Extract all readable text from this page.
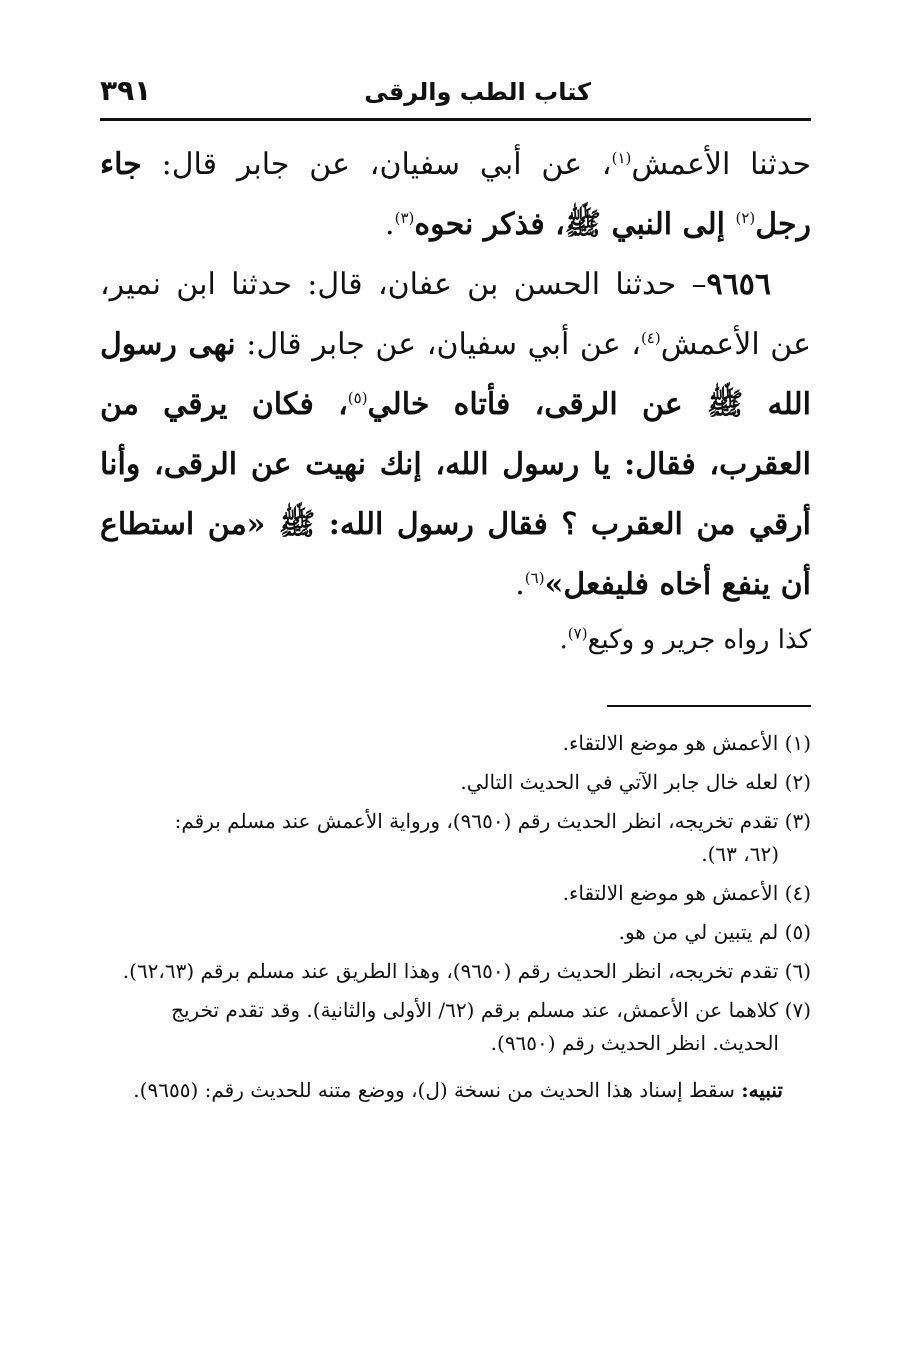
كتاب الطب والرقى
٣٩١

حدثنا الأعمش$^{(١)}$، عن أبي سفيان، عن جابر قال: جاء رجل$^{(٢)}$ إلى النبي ﷺ، فذكر نحوه$^{(٣)}$.

٩٦٥٦– حدثنا الحسن بن عفان، قال: حدثنا ابن نمير، عن الأعمش$^{(٤)}$، عن أبي سفيان، عن جابر قال: نهى رسول الله ﷺ عن الرقى، فأتاه خالي$^{(٥)}$، فكان يرقي من العقرب، فقال: يا رسول الله، إنك نهيت عن الرقى، وأنا أرقي من العقرب ؟ فقال رسول الله: ﷺ «من استطاع أن ينفع أخاه فليفعل»$^{(٦)}$.

كذا رواه جرير و وكيع$^{(٧)}$.

(١) الأعمش هو موضع الالتقاء.

(٢) لعله خال جابر الآتي في الحديث التالي.

(٣) تقدم تخريجه، انظر الحديث رقم (٩٦٥٠)، ورواية الأعمش عند مسلم برقم:
(٦٢، ٦٣).

(٤) الأعمش هو موضع الالتقاء.

(٥) لم يتبين لي من هو.

(٦) تقدم تخريجه، انظر الحديث رقم (٩٦٥٠)، وهذا الطريق عند مسلم برقم (٦٢،٦٣).

(٧) كلاهما عن الأعمش، عند مسلم برقم (٦٢/ الأولى والثانية). وقد تقدم تخريج
الحديث. انظر الحديث رقم (٩٦٥٠).

تنبيه: سقط إسناد هذا الحديث من نسخة (ل)، ووضع متنه للحديث رقم: (٩٦٥٥).
